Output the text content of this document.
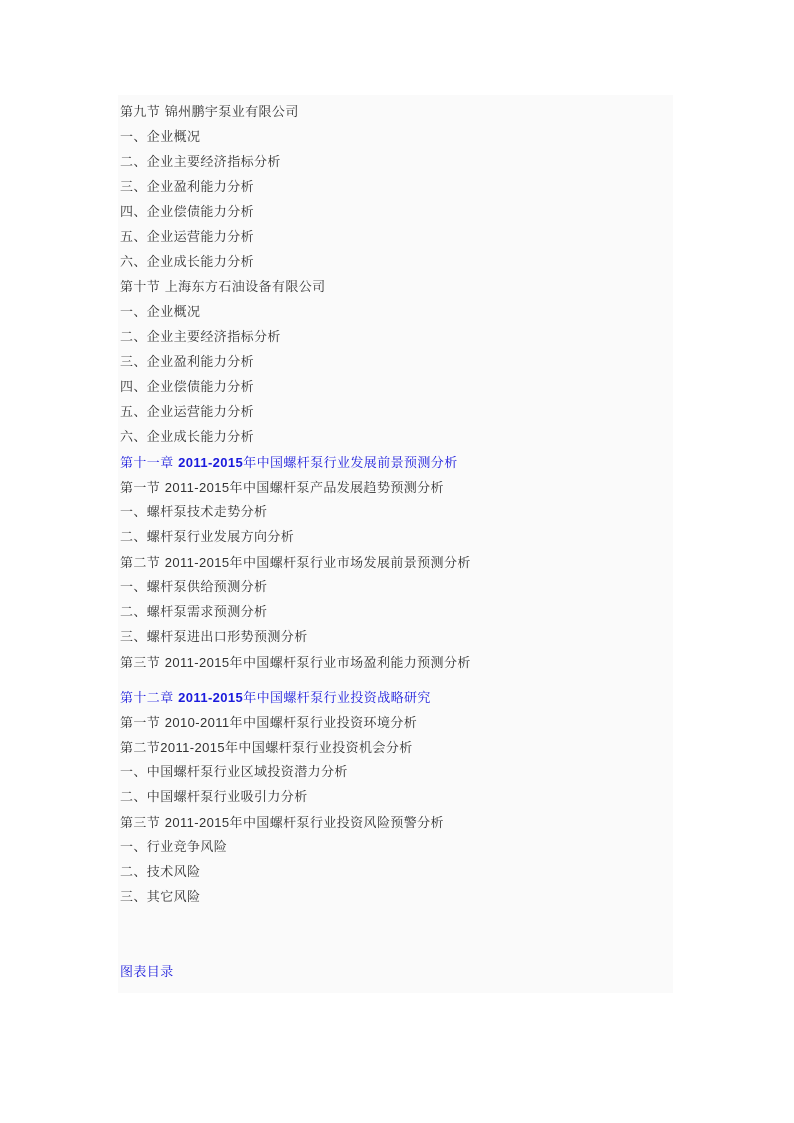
第九节 锦州鹏宇泵业有限公司
一、企业概况
二、企业主要经济指标分析
三、企业盈利能力分析
四、企业偿债能力分析
五、企业运营能力分析
六、企业成长能力分析
第十节 上海东方石油设备有限公司
一、企业概况
二、企业主要经济指标分析
三、企业盈利能力分析
四、企业偿债能力分析
五、企业运营能力分析
六、企业成长能力分析
第十一章 2011-2015年中国螺杆泵行业发展前景预测分析
第一节 2011-2015年中国螺杆泵产品发展趋势预测分析
一、螺杆泵技术走势分析
二、螺杆泵行业发展方向分析
第二节 2011-2015年中国螺杆泵行业市场发展前景预测分析
一、螺杆泵供给预测分析
二、螺杆泵需求预测分析
三、螺杆泵进出口形势预测分析
第三节 2011-2015年中国螺杆泵行业市场盈利能力预测分析
第十二章 2011-2015年中国螺杆泵行业投资战略研究
第一节 2010-2011年中国螺杆泵行业投资环境分析
第二节2011-2015年中国螺杆泵行业投资机会分析
一、中国螺杆泵行业区域投资潜力分析
二、中国螺杆泵行业吸引力分析
第三节 2011-2015年中国螺杆泵行业投资风险预警分析
一、行业竞争风险
二、技术风险
三、其它风险
图表目录
